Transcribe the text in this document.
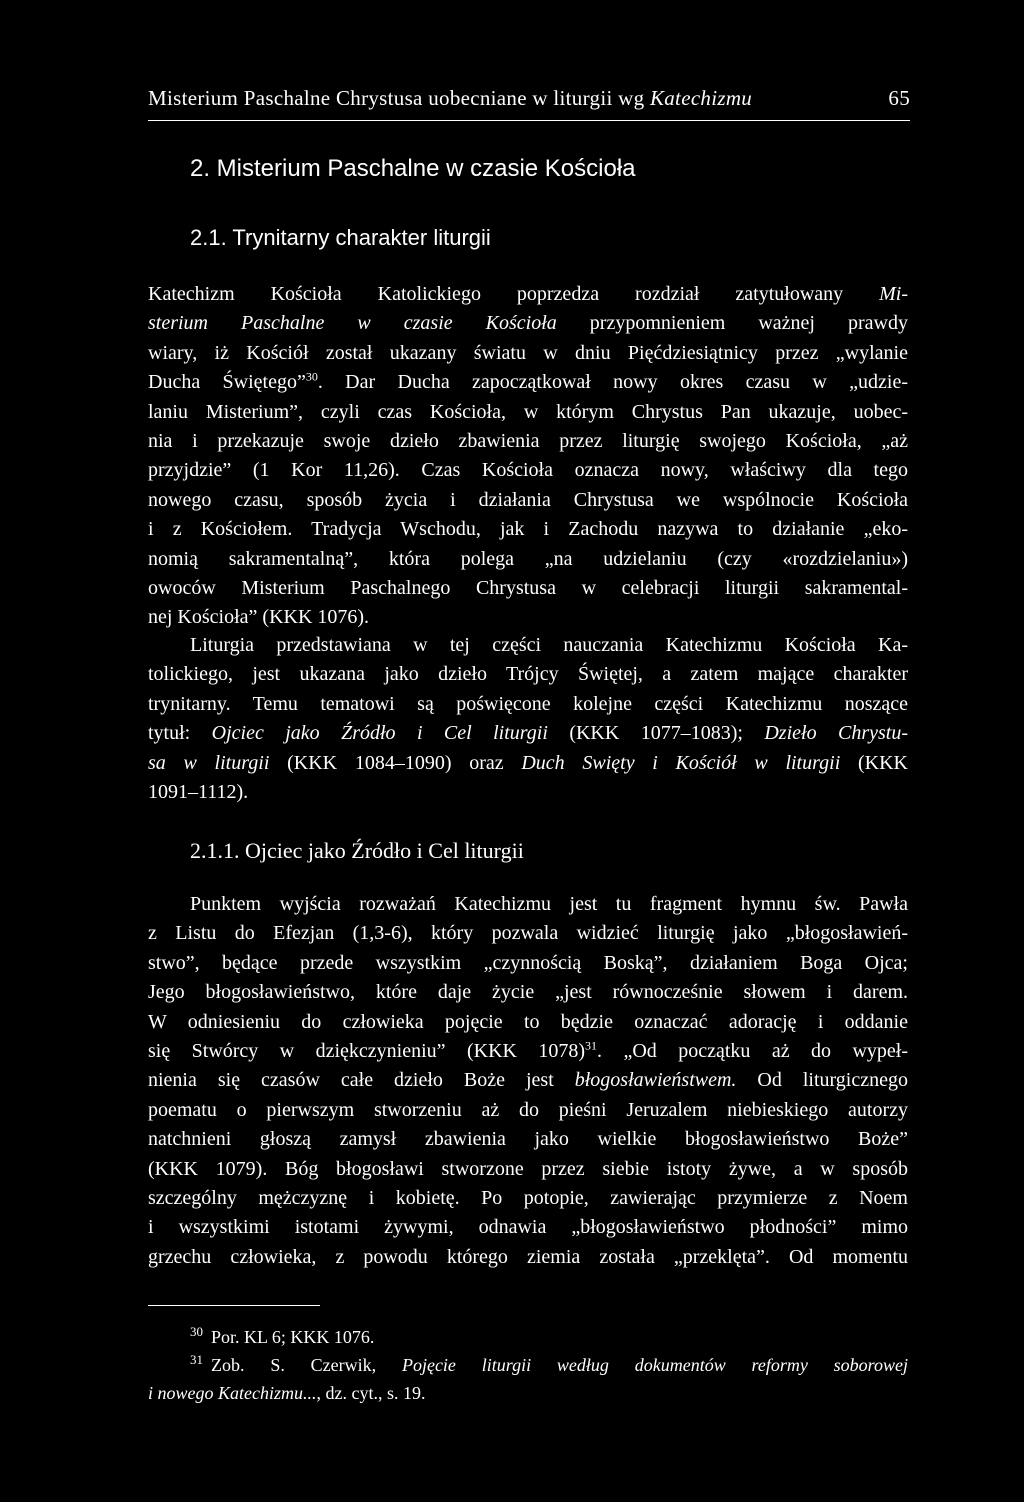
Misterium Paschalne Chrystusa uobecniane w liturgii wg Katechizmu	65
2. Misterium Paschalne w czasie Kościoła
2.1. Trynitarny charakter liturgii
Katechizm Kościoła Katolickiego poprzedza rozdział zatytułowany Mi-
sterium Paschalne w czasie Kościoła przypomnieniem ważnej prawdy
wiary, iż Kościół został ukazany światu w dniu Pięćdziesiątnicy przez „wylanie
Ducha Świętego”$^{30}$. Dar Ducha zapoczątkował nowy okres czasu w „udzie-
laniu Misterium”, czyli czas Kościoła, w którym Chrystus Pan ukazuje, uobec-
nia i przekazuje swoje dzieło zbawienia przez liturgię swojego Kościoła, „aż
przyjdzie” (1 Kor 11,26). Czas Kościoła oznacza nowy, właściwy dla tego
nowego czasu, sposób życia i działania Chrystusa we wspólnocie Kościoła
i z Kościołem. Tradycja Wschodu, jak i Zachodu nazywa to działanie „eko-
nomią sakramentalną”, która polega „na udzielaniu (czy «rozdzielaniu»)
owoców Misterium Paschalnego Chrystusa w celebracji liturgii sakramental-
nej Kościoła” (KKK 1076).
Liturgia przedstawiana w tej części nauczania Katechizmu Kościoła Ka-
tolickiego, jest ukazana jako dzieło Trójcy Świętej, a zatem mające charakter
trynitarny. Temu tematowi są poświęcone kolejne części Katechizmu noszące
tytuł: Ojciec jako Źródło i Cel liturgii (KKK 1077–1083); Dzieło Chrystu-
sa w liturgii (KKK 1084–1090) oraz Duch Swięty i Kościół w liturgii (KKK
1091–1112).
2.1.1. Ojciec jako Źródło i Cel liturgii
Punktem wyjścia rozważań Katechizmu jest tu fragment hymnu św. Pawła
z Listu do Efezjan (1,3-6), który pozwala widzieć liturgię jako „błogosławień-
stwo”, będące przede wszystkim „czynnością Boską”, działaniem Boga Ojca;
Jego błogosławieństwo, które daje życie „jest równocześnie słowem i darem.
W odniesieniu do człowieka pojęcie to będzie oznaczać adorację i oddanie
się Stwórcy w dziękczynieniu” (KKK 1078)$^{31}$. „Od początku aż do wypeł-
nienia się czasów całe dzieło Boże jest błogosławieństwem. Od liturgicznego
poematu o pierwszym stworzeniu aż do pieśni Jeruzalem niebieskiego autorzy
natchnieni głoszą zamysł zbawienia jako wielkie błogosławieństwo Boże”
(KKK 1079). Bóg błogosławi stworzone przez siebie istoty żywe, a w sposób
szczególny mężczyznę i kobietę. Po potopie, zawierając przymierze z Noem
i wszystkimi istotami żywymi, odnawia „błogosławieństwo płodności” mimo
grzechu człowieka, z powodu którego ziemia została „przeklęta”. Od momentu
$^{30}$ Por. KL 6; KKK 1076.
$^{31}$ Zob. S. Czerwik, Pojęcie liturgii według dokumentów reformy soborowej
i nowego Katechizmu..., dz. cyt., s. 19.
